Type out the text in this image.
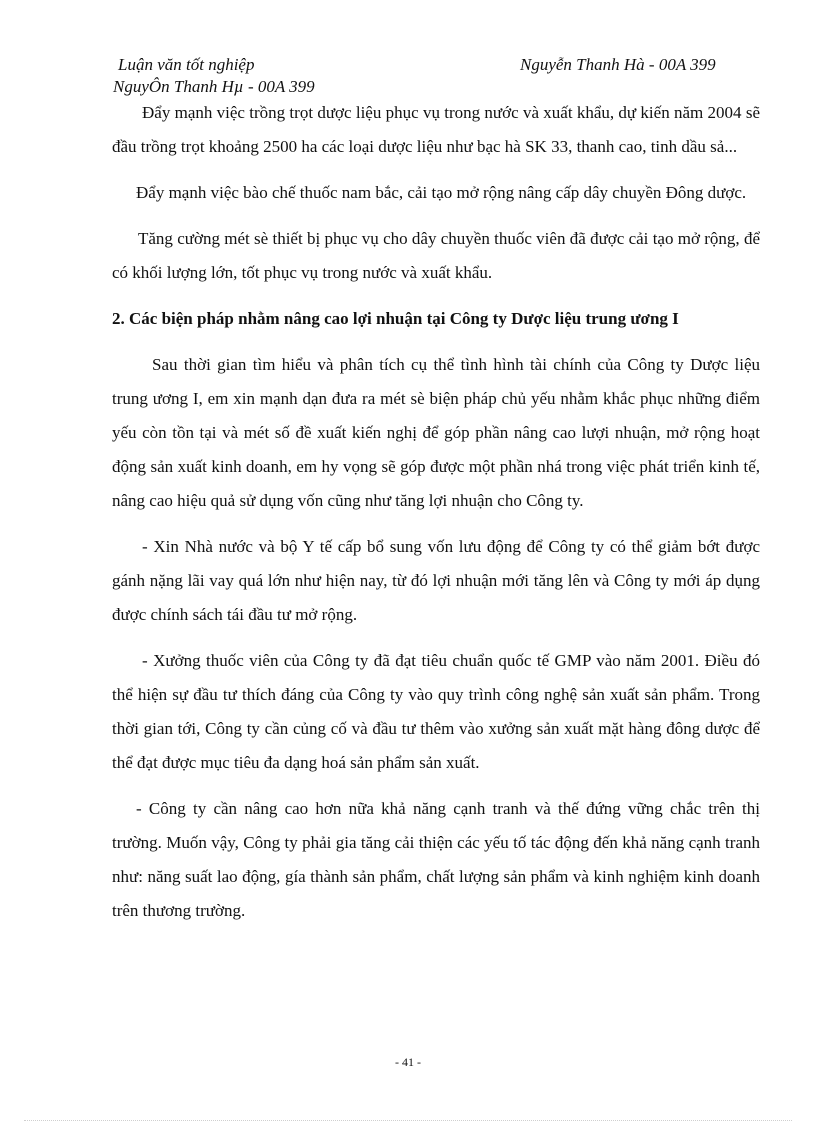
Luận văn tốt nghiệp	Nguyễn Thanh Hà - 00A 399
NguyÔn Thanh Hµ - 00A 399

Đẩy mạnh việc trồng trọt dược liệu phục vụ trong nước và xuất khẩu, dự kiến năm 2004 sẽ đầu trồng trọt khoảng 2500 ha các loại dược liệu như bạc hà SK 33, thanh cao, tinh dầu sả...

Đẩy mạnh việc bào chế thuốc nam bắc, cải tạo mở rộng nâng cấp dây chuyền Đông dược.

Tăng cường mét sè thiết bị phục vụ cho dây chuyền thuốc viên đã được cải tạo mở rộng, để có khối lượng lớn, tốt phục vụ trong nước và xuất khẩu.

2. Các biện pháp nhằm nâng cao lợi nhuận tại Công ty Dược liệu trung ương I

Sau thời gian tìm hiểu và phân tích cụ thể tình hình tài chính của Công ty Dược liệu trung ương I, em xin mạnh dạn đưa ra mét sè biện pháp chủ yếu nhằm khắc phục những điểm yếu còn tồn tại và mét số đề xuất kiến nghị để góp phần nâng cao lượi nhuận, mở rộng hoạt động sản xuất kinh doanh, em hy vọng sẽ góp được một phần nhá trong việc phát triển kinh tế, nâng cao hiệu quả sử dụng vốn cũng như tăng lợi nhuận cho Công ty.

- Xin Nhà nước và bộ Y tế cấp bổ sung vốn lưu động để Công ty có thể giảm bớt được gánh nặng lãi vay quá lớn như hiện nay, từ đó lợi nhuận mới tăng lên và Công ty mới áp dụng được chính sách tái đầu tư mở rộng.

- Xưởng thuốc viên của Công ty đã đạt tiêu chuẩn quốc tế GMP vào năm 2001. Điều đó thể hiện sự đầu tư thích đáng của Công ty vào quy trình công nghệ sản xuất sản phẩm. Trong thời gian tới, Công ty cần củng cố và đầu tư thêm vào xưởng sản xuất mặt hàng đông dược để thể đạt được mục tiêu đa dạng hoá sản phẩm sản xuất.

- Công ty cần nâng cao hơn nữa khả năng cạnh tranh và thế đứng vững chắc trên thị trường. Muốn vậy, Công ty phải gia tăng cải thiện các yếu tố tác động đến khả năng cạnh tranh như: năng suất lao động, gía thành sản phẩm, chất lượng sản phẩm và kinh nghiệm kinh doanh trên thương trường.

- 41 -
